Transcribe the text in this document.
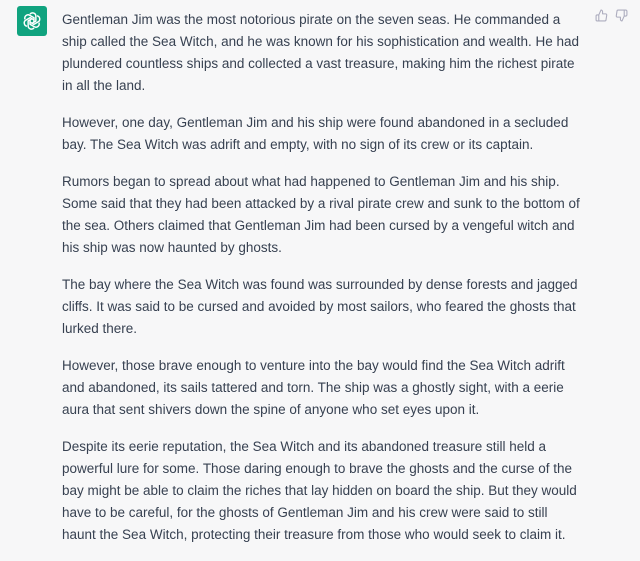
Gentleman Jim was the most notorious pirate on the seven seas. He commanded a ship called the Sea Witch, and he was known for his sophistication and wealth. He had plundered countless ships and collected a vast treasure, making him the richest pirate in all the land.

However, one day, Gentleman Jim and his ship were found abandoned in a secluded bay. The Sea Witch was adrift and empty, with no sign of its crew or its captain.

Rumors began to spread about what had happened to Gentleman Jim and his ship. Some said that they had been attacked by a rival pirate crew and sunk to the bottom of the sea. Others claimed that Gentleman Jim had been cursed by a vengeful witch and his ship was now haunted by ghosts.

The bay where the Sea Witch was found was surrounded by dense forests and jagged cliffs. It was said to be cursed and avoided by most sailors, who feared the ghosts that lurked there.

However, those brave enough to venture into the bay would find the Sea Witch adrift and abandoned, its sails tattered and torn. The ship was a ghostly sight, with a eerie aura that sent shivers down the spine of anyone who set eyes upon it.

Despite its eerie reputation, the Sea Witch and its abandoned treasure still held a powerful lure for some. Those daring enough to brave the ghosts and the curse of the bay might be able to claim the riches that lay hidden on board the ship. But they would have to be careful, for the ghosts of Gentleman Jim and his crew were said to still haunt the Sea Witch, protecting their treasure from those who would seek to claim it.
